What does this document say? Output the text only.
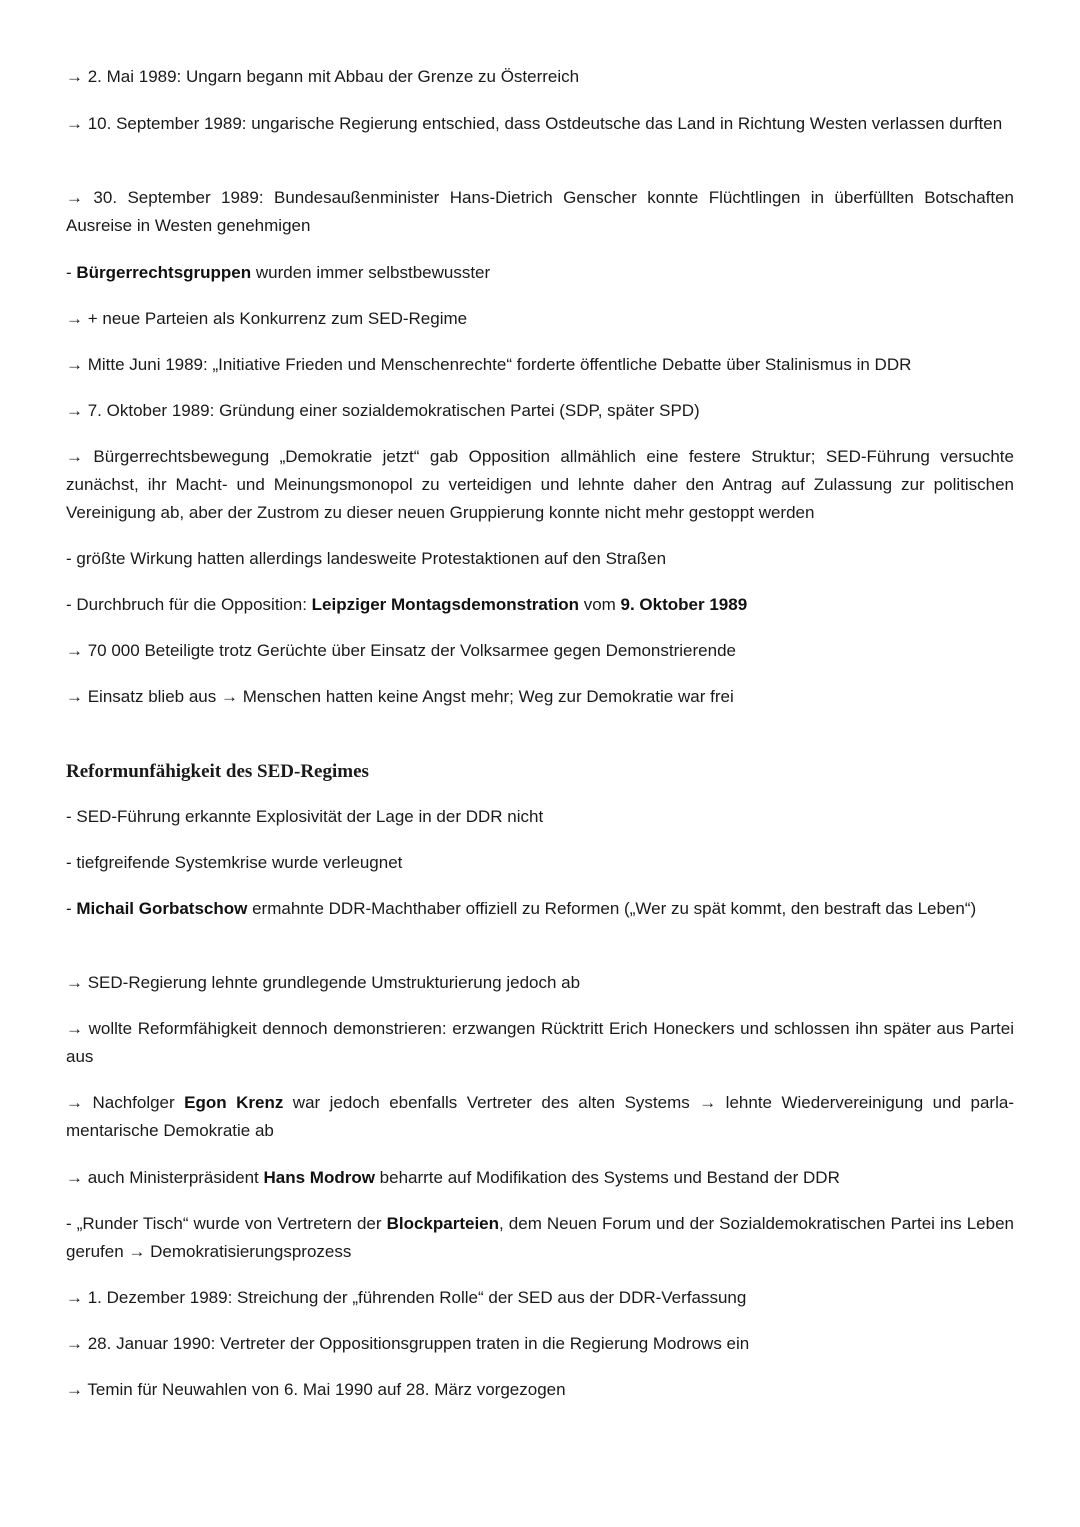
→ 2. Mai 1989: Ungarn begann mit Abbau der Grenze zu Österreich

→ 10. September 1989: ungarische Regierung entschied, dass Ostdeutsche das Land in Richtung Westen verlassen durften

→ 30. September 1989: Bundesaußenminister Hans-Dietrich Genscher konnte Flüchtlingen in überfüllten Botschaften Ausreise in Westen genehmigen

- Bürgerrechtsgruppen wurden immer selbstbewusster

→ + neue Parteien als Konkurrenz zum SED-Regime

→ Mitte Juni 1989: „Initiative Frieden und Menschenrechte“ forderte öffentliche Debatte über Stalinismus in DDR

→ 7. Oktober 1989: Gründung einer sozialdemokratischen Partei (SDP, später SPD)

→ Bürgerrechtsbewegung „Demokratie jetzt“ gab Opposition allmählich eine festere Struktur; SED-Führung versuchte zunächst, ihr Macht- und Meinungsmonopol zu verteidigen und lehnte daher den Antrag auf Zulassung zur politischen Vereinigung ab, aber der Zustrom zu dieser neuen Gruppierung konnte nicht mehr gestoppt werden

- größte Wirkung hatten allerdings landesweite Protestaktionen auf den Straßen

- Durchbruch für die Opposition: Leipziger Montagsdemonstration vom 9. Oktober 1989

→ 70 000 Beteiligte trotz Gerüchte über Einsatz der Volksarmee gegen Demonstrierende

→ Einsatz blieb aus → Menschen hatten keine Angst mehr; Weg zur Demokratie war frei

Reformunfähigkeit des SED-Regimes

- SED-Führung erkannte Explosivität der Lage in der DDR nicht

- tiefgreifende Systemkrise wurde verleugnet

- Michail Gorbatschow ermahnte DDR-Machthaber offiziell zu Reformen („Wer zu spät kommt, den bestraft das Leben“)

→ SED-Regierung lehnte grundlegende Umstrukturierung jedoch ab

→ wollte Reformfähigkeit dennoch demonstrieren: erzwangen Rücktritt Erich Honeckers und schlossen ihn später aus Partei aus

→ Nachfolger Egon Krenz war jedoch ebenfalls Vertreter des alten Systems → lehnte Wiedervereinigung und parlamentarische Demokratie ab

→ auch Ministerpräsident Hans Modrow beharrte auf Modifikation des Systems und Bestand der DDR

- „Runder Tisch“ wurde von Vertretern der Blockparteien, dem Neuen Forum und der Sozialdemokratischen Partei ins Leben gerufen → Demokratisierungsprozess

→ 1. Dezember 1989: Streichung der „führenden Rolle“ der SED aus der DDR-Verfassung

→ 28. Januar 1990: Vertreter der Oppositionsgruppen traten in die Regierung Modrows ein

→ Temin für Neuwahlen von 6. Mai 1990 auf 28. März vorgezogen
